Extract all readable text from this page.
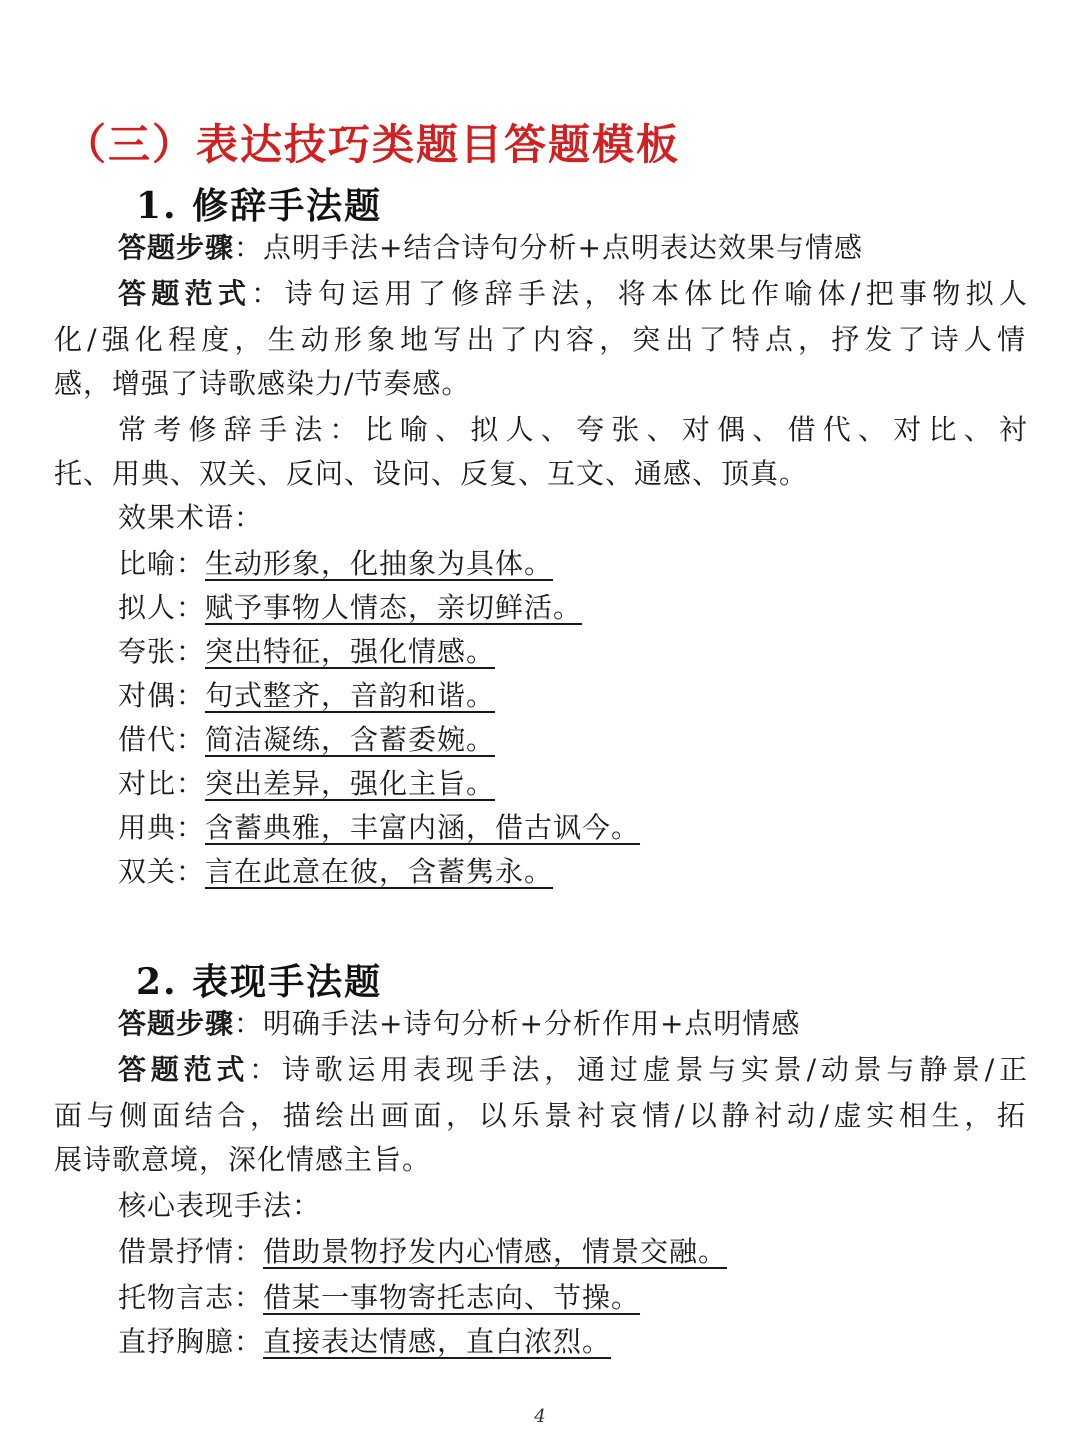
（三）表达技巧类题目答题模板
1. 修辞手法题
答题步骤：点明手法+结合诗句分析+点明表达效果与情感
答题范式：诗句运用了修辞手法，将本体比作喻体/把事物拟人
化/强化程度，生动形象地写出了内容，突出了特点，抒发了诗人情
感，增强了诗歌感染力/节奏感。
常考修辞手法：比喻、拟人、夸张、对偶、借代、对比、衬
托、用典、双关、反问、设问、反复、互文、通感、顶真。
效果术语：
比喻：生动形象，化抽象为具体。
拟人：赋予事物人情态，亲切鲜活。
夸张：突出特征，强化情感。
对偶：句式整齐，音韵和谐。
借代：简洁凝练，含蓄委婉。
对比：突出差异，强化主旨。
用典：含蓄典雅，丰富内涵，借古讽今。
双关：言在此意在彼，含蓄隽永。
2. 表现手法题
答题步骤：明确手法+诗句分析+分析作用+点明情感
答题范式：诗歌运用表现手法，通过虚景与实景/动景与静景/正
面与侧面结合，描绘出画面，以乐景衬哀情/以静衬动/虚实相生，拓
展诗歌意境，深化情感主旨。
核心表现手法：
借景抒情：借助景物抒发内心情感，情景交融。
托物言志：借某一事物寄托志向、节操。
直抒胸臆：直接表达情感，直白浓烈。
4
